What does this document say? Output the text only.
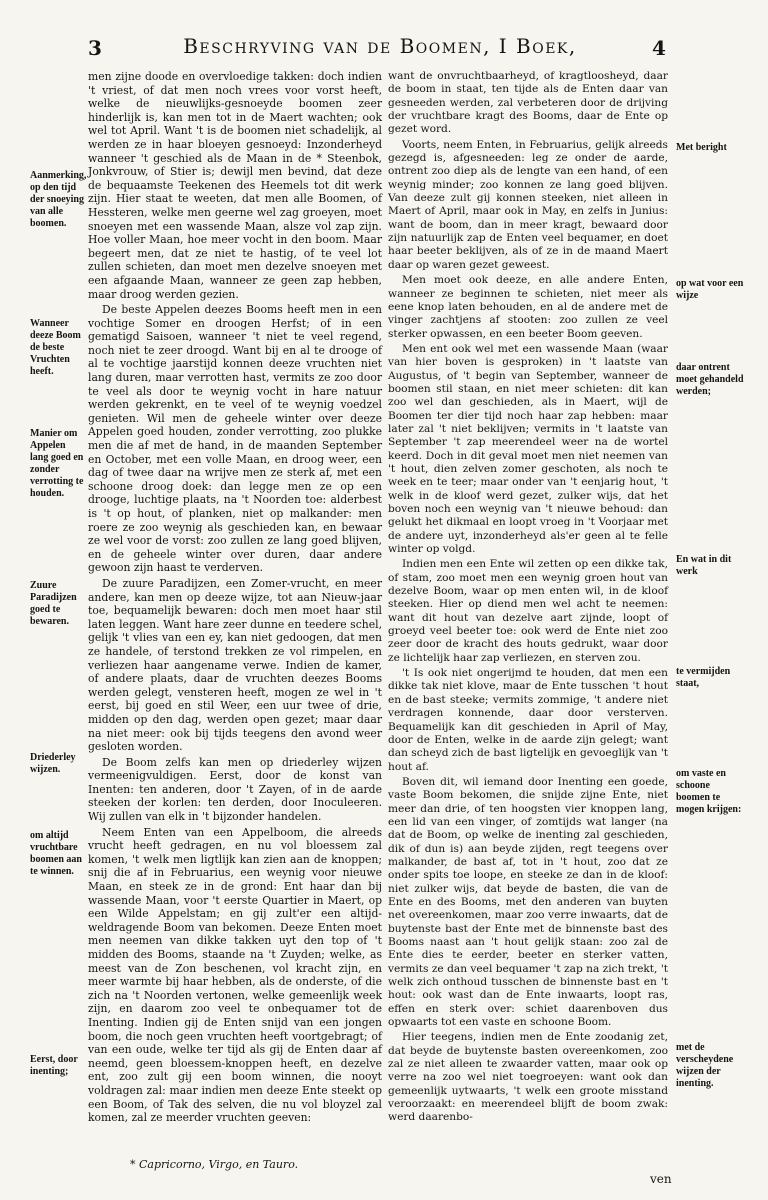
3	Beschryving van de Boomen, I Boek,	4

men zijne doode en overvloedige takken: doch indien 't vriest, of dat men noch vrees voor vorst heeft, welke de nieuwlijks-gesnoeyde boomen zeer hinderlijk is, kan men tot in de Maert wachten; ook wel tot April. Want 't is de boomen niet schadelijk, al werden ze in haar bloeyen gesnoeyd: Inzonderheyd wanneer 't geschied als de Maan in de * Steenbok, Jonkvrouw, of Stier is; dewijl men bevind, dat deze de bequaamste Teekenen des Heemels tot dit werk zijn. Hier staat te weeten, dat men alle Boomen, of Hessteren, welke men geerne wel zag groeyen, moet snoeyen met een wassende Maan, alsze vol zap zijn. Hoe voller Maan, hoe meer vocht in den boom. Maar begeert men, dat ze niet te hastig, of te veel lot zullen schieten, dan moet men dezelve snoeyen met een afgaande Maan, wanneer ze geen zap hebben, maar droog werden gezien.

De beste Appelen deezes Booms heeft men in een vochtige Somer en droogen Herfst; of in een gematigd Saisoen, wanneer 't niet te veel regend, noch niet te zeer droogd. Want bij en al te drooge of al te vochtige jaarstijd konnen deeze vruchten niet lang duren, maar verrotten hast, vermits ze zoo door te veel als door te weynig vocht in hare natuur werden gekrenkt, en te veel of te weynig voedzel genieten. Wil men de geheele winter over deeze Appelen goed houden, zonder verrotting, zoo plukke men die af met de hand, in de maanden September en October, met een volle Maan, en droog weer, een dag of twee daar na wrijve men ze sterk af, met een schoone droog doek: dan legge men ze op een drooge, luchtige plaats, na 't Noorden toe: alderbest is 't op hout, of planken, niet op malkander: men roere ze zoo weynig als geschieden kan, en bewaar ze wel voor de vorst: zoo zullen ze lang goed blijven, en de geheele winter over duren, daar andere gewoon zijn haast te verderven.

De zuure Paradijzen, een Zomer-vrucht, en meer andere, kan men op deeze wijze, tot aan Nieuw-jaar toe, bequamelijk bewaren: doch men moet haar stil laten leggen. Want hare zeer dunne en teedere schel, gelijk 't vlies van een ey, kan niet gedoogen, dat men ze handele, of terstond trekken ze vol rimpelen, en verliezen haar aangename verwe. Indien de kamer, of andere plaats, daar de vruchten deezes Booms werden gelegt, vensteren heeft, mogen ze wel in 't eerst, bij goed en stil Weer, een uur twee of drie, midden op den dag, werden open gezet; maar daar na niet meer: ook bij tijds teegens den avond weer gesloten worden.

De Boom zelfs kan men op driederley wijzen vermeenigvuldigen. Eerst, door de konst van Inenten: ten anderen, door 't Zayen, of in de aarde steeken der korlen: ten derden, door Inoculeeren. Wij zullen van elk in 't bijzonder handelen.

Neem Enten van een Appelboom, die alreeds vrucht heeft gedragen, en nu vol bloessem zal komen, 't welk men ligtlijk kan zien aan de knoppen; snij die af in Februarius, een weynig voor nieuwe Maan, en steek ze in de grond: Ent haar dan bij wassende Maan, voor 't eerste Quartier in Maert, op een Wilde Appelstam; en gij zult'er een altijd-weldragende Boom van bekomen. Deeze Enten moet men neemen van dikke takken uyt den top of 't midden des Booms, staande na 't Zuyden; welke, as meest van de Zon beschenen, vol kracht zijn, en meer warmte bij haar hebben, als de onderste, of die zich na 't Noorden vertonen, welke gemeenlijk week zijn, en daarom zoo veel te onbequamer tot de Inenting. Indien gij de Enten snijd van een jongen boom, die noch geen vruchten heeft voortgebragt; of van een oude, welke ter tijd als gij de Enten daar af neemd, geen bloessem-knoppen heeft, en dezelve ent, zoo zult gij een boom winnen, die nooyt voldragen zal: maar indien men deeze Ente steekt op een Boom, of Tak des selven, die nu vol bloyzel zal komen, zal ze meerder vruchten geeven:

want de onvruchtbaarheyd, of kragtloosheyd, daar de boom in staat, ten tijde als de Enten daar van gesneeden werden, zal verbeteren door de drijving der vruchtbare kragt des Booms, daar de Ente op gezet word.

Voorts, neem Enten, in Februarius, gelijk alreeds gezegd is, afgesneeden: leg ze onder de aarde, ontrent zoo diep als de lengte van een hand, of een weynig minder; zoo konnen ze lang goed blijven. Van deeze zult gij konnen steeken, niet alleen in Maert of April, maar ook in May, en zelfs in Junius: want de boom, dan in meer kragt, bewaard door zijn natuurlijk zap de Enten veel bequamer, en doet haar beeter beklijven, als of ze in de maand Maert daar op waren gezet geweest.

Men moet ook deeze, en alle andere Enten, wanneer ze beginnen te schieten, niet meer als eene knop laten behouden, en al de andere met de vinger zachtjens af stooten: zoo zullen ze veel sterker opwassen, en een beeter Boom geeven.

Men ent ook wel met een wassende Maan (waar van hier boven is gesproken) in 't laatste van Augustus, of 't begin van September, wanneer de boomen stil staan, en niet meer schieten: dit kan zoo wel dan geschieden, als in Maert, wijl de Boomen ter dier tijd noch haar zap hebben: maar later zal 't niet beklijven; vermits in 't laatste van September 't zap meerendeel weer na de wortel keerd. Doch in dit geval moet men niet neemen van 't hout, dien zelven zomer geschoten, als noch te week en te teer; maar onder van 't eenjarig hout, 't welk in de kloof werd gezet, zulker wijs, dat het boven noch een weynig van 't nieuwe behoud: dan gelukt het dikmaal en loopt vroeg in 't Voorjaar met de andere uyt, inzonderheyd als'er geen al te felle winter op volgd.

Indien men een Ente wil zetten op een dikke tak, of stam, zoo moet men een weynig groen hout van dezelve Boom, waar op men enten wil, in de kloof steeken. Hier op diend men wel acht te neemen: want dit hout van dezelve aart zijnde, loopt of groeyd veel beeter toe: ook werd de Ente niet zoo zeer door de kracht des houts gedrukt, waar door ze lichtelijk haar zap verliezen, en sterven zou.

't Is ook niet ongerijmd te houden, dat men een dikke tak niet klove, maar de Ente tusschen 't hout en de bast steeke; vermits zommige, 't andere niet verdragen konnende, daar door versterven. Bequamelijk kan dit geschieden in April of May, door de Enten, welke in de aarde zijn gelegt; want dan scheyd zich de bast ligtelijk en gevoeglijk van 't hout af.

Boven dit, wil iemand door Inenting een goede, vaste Boom bekomen, die snijde zijne Ente, niet meer dan drie, of ten hoogsten vier knoppen lang, een lid van een vinger, of zomtijds wat langer (na dat de Boom, op welke de inenting zal geschieden, dik of dun is) aan beyde zijden, regt teegens over malkander, de bast af, tot in 't hout, zoo dat ze onder spits toe loope, en steeke ze dan in de kloof: niet zulker wijs, dat beyde de basten, die van de Ente en des Booms, met den anderen van buyten net overeenkomen, maar zoo verre inwaarts, dat de buytenste bast der Ente met de binnenste bast des Booms naast aan 't hout gelijk staan: zoo zal de Ente dies te eerder, beeter en sterker vatten, vermits ze dan veel bequamer 't zap na zich trekt, 't welk zich onthoud tusschen de binnenste bast en 't hout: ook wast dan de Ente inwaarts, loopt ras, effen en sterk over: schiet daarenboven dus opwaarts tot een vaste en schoone Boom.

Hier teegens, indien men de Ente zoodanig zet, dat beyde de buytenste basten overeenkomen, zoo zal ze niet alleen te zwaarder vatten, maar ook op verre na zoo wel niet toegroeyen: want ook dan gemeenlijk uytwaarts, 't welk een groote misstand veroorzaakt: en meerendeel blijft de boom zwak: werd daarenbo-

Aanmerking, op den tijd der snoeying van alle boomen.
Wanneer deeze Boom de beste Vruchten heeft.
Manier om Appelen lang goed en zonder verrotting te houden.
Zuure Paradijzen goed te bewaren.
Driederley wijzen.
om altijd vruchtbare boomen aan te winnen.
Eerst, door inenting;
Met beright
op wat voor een wijze
daar ontrent moet gehandeld werden;
En wat in dit werk
te vermijden staat,
om vaste en schoone boomen te mogen krijgen:
met de verscheydene wijzen der inenting.
* Capricorno, Virgo, en Tauro.
ven
